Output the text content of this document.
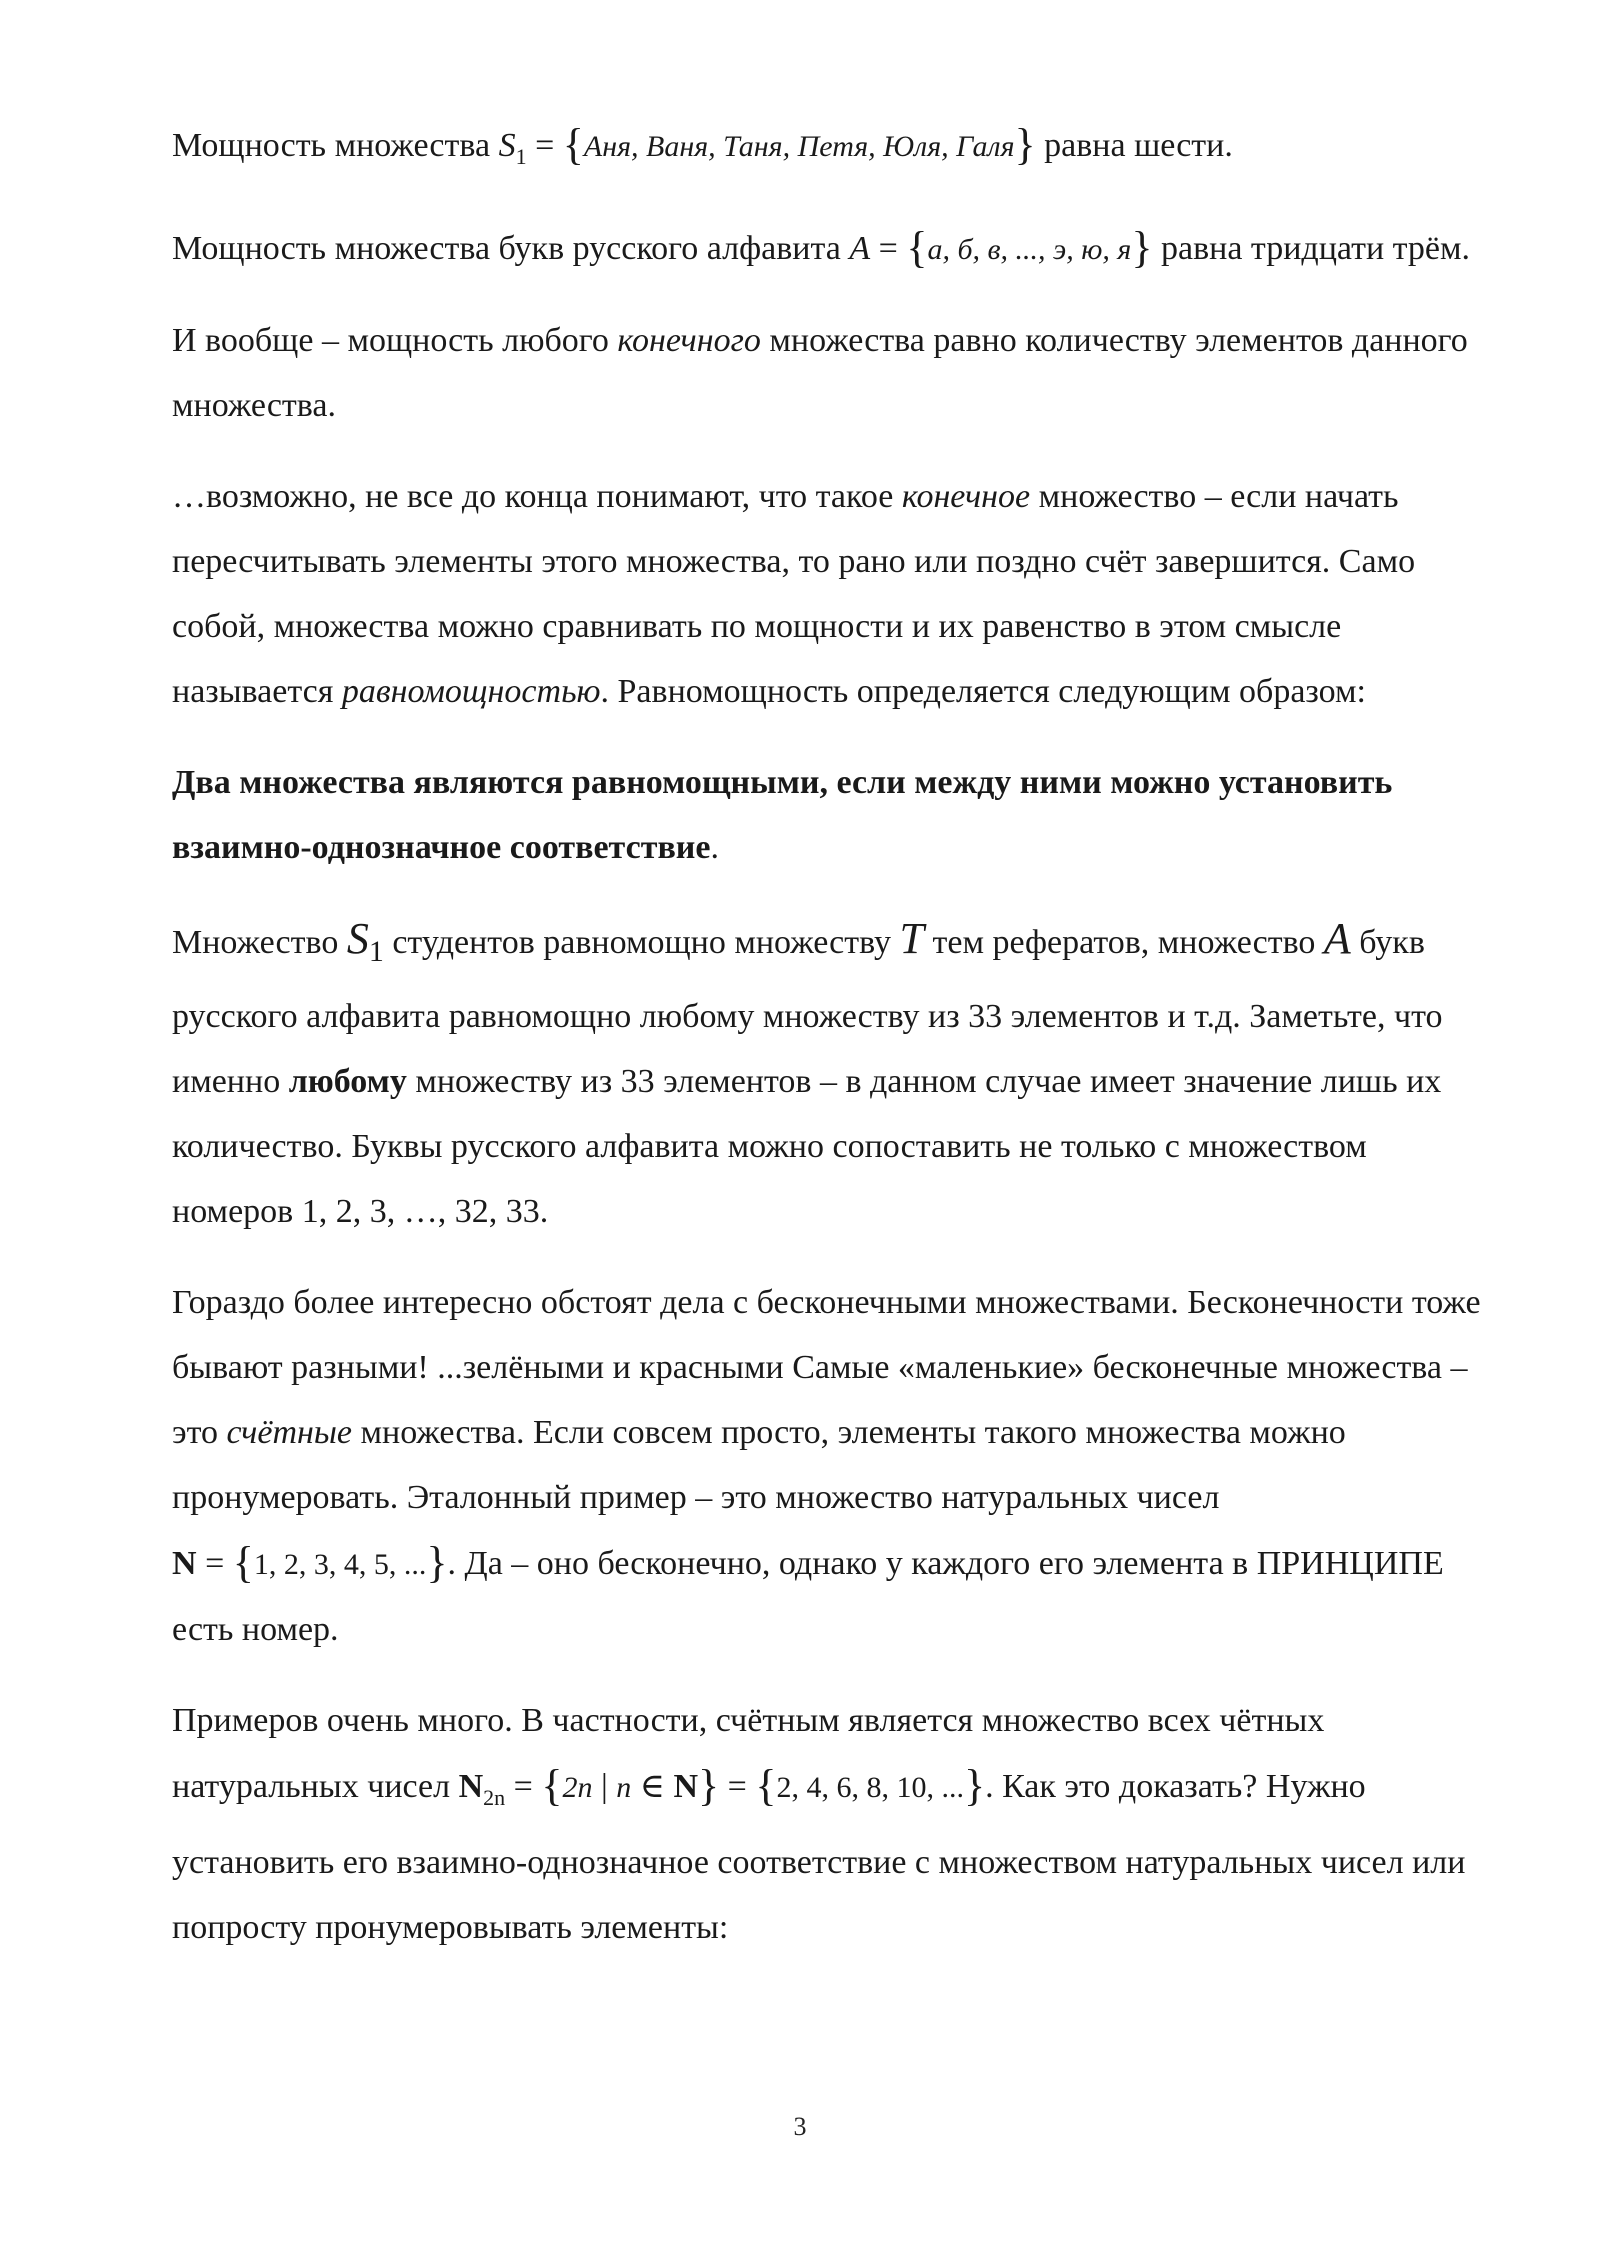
Мощность множества $S_1 = \{Аня$, Ваня, Таня, Петя, Юля, Галя} равна шести.

Мощность множества букв русского алфавита A = {а, б, в, ..., э, ю, я} равна тридцати трём.

И вообще – мощность любого конечного множества равно количеству элементов данного множества.

…возможно, не все до конца понимают, что такое конечное множество – если начать пересчитывать элементы этого множества, то рано или поздно счёт завершится. Само собой, множества можно сравнивать по мощности и их равенство в этом смысле называется равномощностью. Равномощность определяется следующим образом:

Два множества являются равномощными, если между ними можно установить взаимно-однозначное соответствие.

Множество $S_1$ студентов равномощно множеству T тем рефератов, множество A букв русского алфавита равномощно любому множеству из 33 элементов и т.д. Заметьте, что именно любому множеству из 33 элементов – в данном случае имеет значение лишь их количество. Буквы русского алфавита можно сопоставить не только с множеством номеров 1, 2, 3, …, 32, 33.

Гораздо более интересно обстоят дела с бесконечными множествами. Бесконечности тоже бывают разными! ...зелёными и красными Самые «маленькие» бесконечные множества – это счётные множества. Если совсем просто, элементы такого множества можно пронумеровать. Эталонный пример – это множество натуральных чисел N = {1, 2, 3, 4, 5, ...}. Да – оно бесконечно, однако у каждого его элемента в ПРИНЦИПЕ есть номер.

Примеров очень много. В частности, счётным является множество всех чётных натуральных чисел $N_{2n} = \{2n$ | n ∈ N} = {2, 4, 6, 8, 10, ...}. Как это доказать? Нужно установить его взаимно-однозначное соответствие с множеством натуральных чисел или попросту пронумеровывать элементы:

3
